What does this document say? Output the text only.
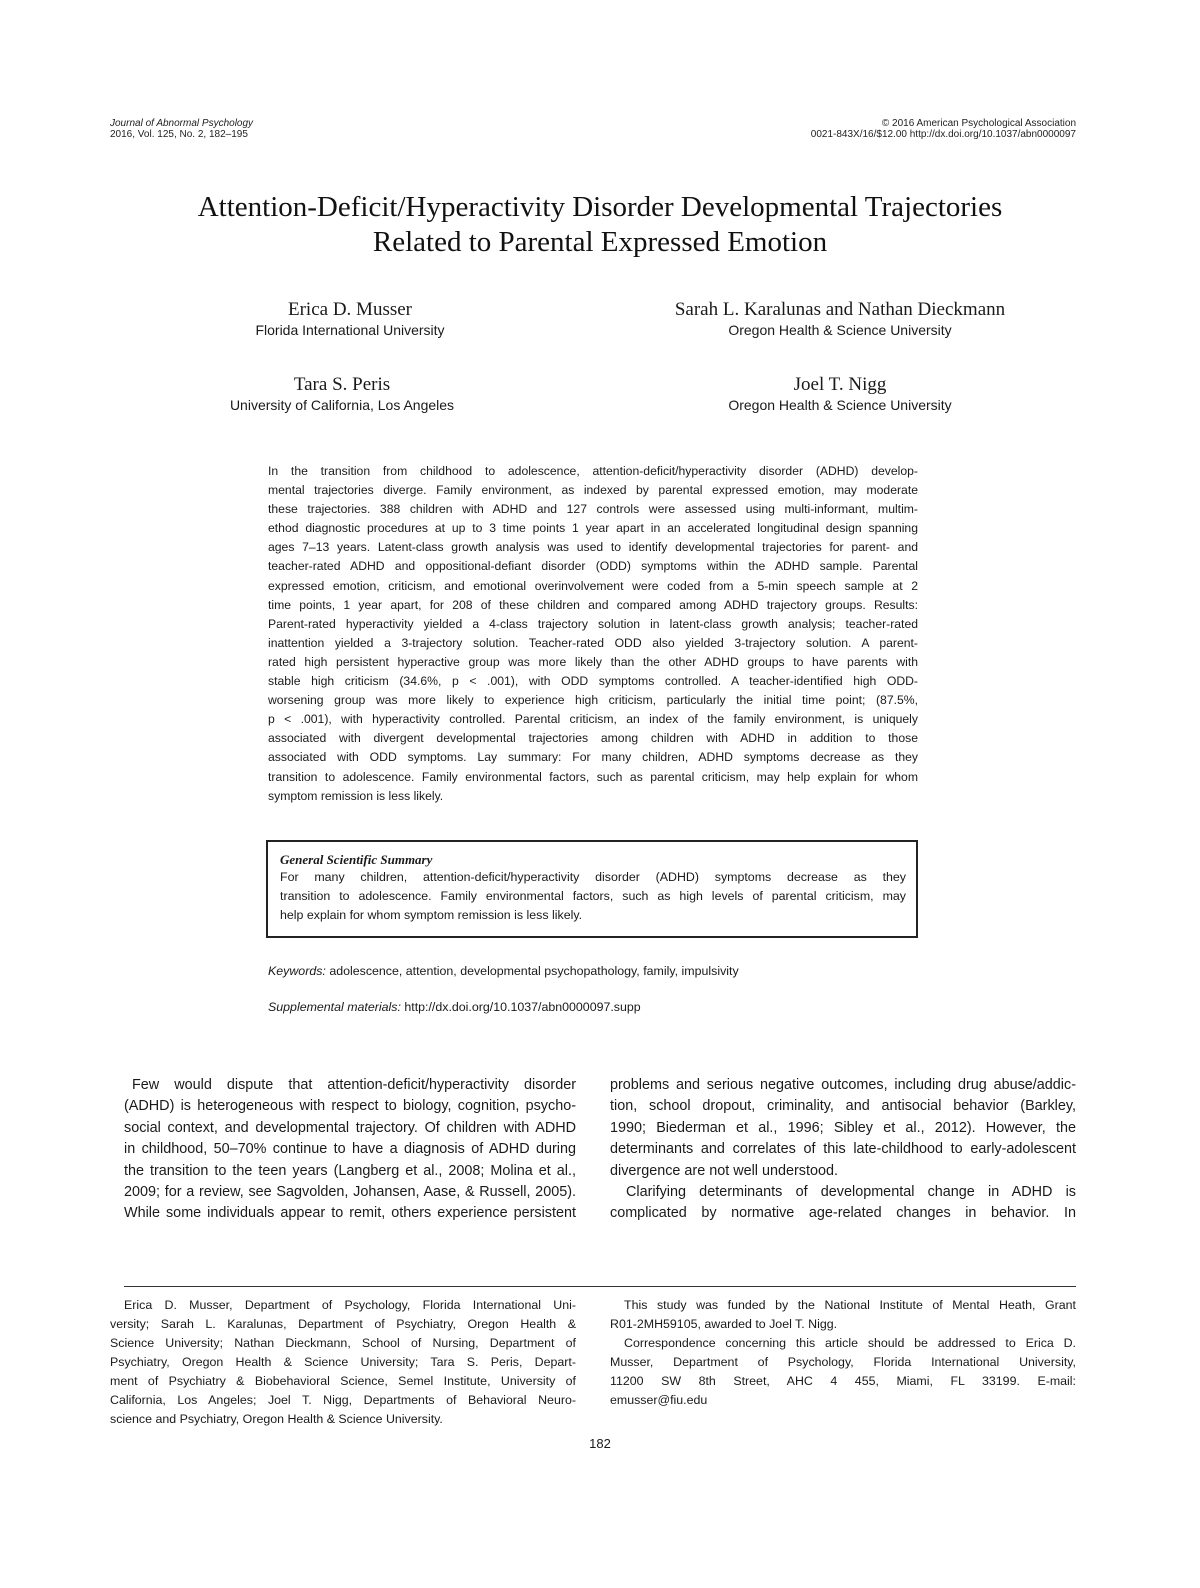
Journal of Abnormal Psychology
2016, Vol. 125, No. 2, 182–195
© 2016 American Psychological Association
0021-843X/16/$12.00 http://dx.doi.org/10.1037/abn0000097
Attention-Deficit/Hyperactivity Disorder Developmental Trajectories
Related to Parental Expressed Emotion
Erica D. Musser
Florida International University
Sarah L. Karalunas and Nathan Dieckmann
Oregon Health & Science University
Tara S. Peris
University of California, Los Angeles
Joel T. Nigg
Oregon Health & Science University
In the transition from childhood to adolescence, attention-deficit/hyperactivity disorder (ADHD) develop-
mental trajectories diverge. Family environment, as indexed by parental expressed emotion, may moderate
these trajectories. 388 children with ADHD and 127 controls were assessed using multi-informant, multim-
ethod diagnostic procedures at up to 3 time points 1 year apart in an accelerated longitudinal design spanning
ages 7–13 years. Latent-class growth analysis was used to identify developmental trajectories for parent- and
teacher-rated ADHD and oppositional-defiant disorder (ODD) symptoms within the ADHD sample. Parental
expressed emotion, criticism, and emotional overinvolvement were coded from a 5-min speech sample at 2
time points, 1 year apart, for 208 of these children and compared among ADHD trajectory groups. Results:
Parent-rated hyperactivity yielded a 4-class trajectory solution in latent-class growth analysis; teacher-rated
inattention yielded a 3-trajectory solution. Teacher-rated ODD also yielded 3-trajectory solution. A parent-
rated high persistent hyperactive group was more likely than the other ADHD groups to have parents with
stable high criticism (34.6%, p < .001), with ODD symptoms controlled. A teacher-identified high ODD-
worsening group was more likely to experience high criticism, particularly the initial time point; (87.5%,
p < .001), with hyperactivity controlled. Parental criticism, an index of the family environment, is uniquely
associated with divergent developmental trajectories among children with ADHD in addition to those
associated with ODD symptoms. Lay summary: For many children, ADHD symptoms decrease as they
transition to adolescence. Family environmental factors, such as parental criticism, may help explain for whom
symptom remission is less likely.
General Scientific Summary
For many children, attention-deficit/hyperactivity disorder (ADHD) symptoms decrease as they
transition to adolescence. Family environmental factors, such as high levels of parental criticism, may
help explain for whom symptom remission is less likely.
Keywords: adolescence, attention, developmental psychopathology, family, impulsivity
Supplemental materials: http://dx.doi.org/10.1037/abn0000097.supp
Few would dispute that attention-deficit/hyperactivity disorder
(ADHD) is heterogeneous with respect to biology, cognition, psycho-
social context, and developmental trajectory. Of children with ADHD
in childhood, 50–70% continue to have a diagnosis of ADHD during
the transition to the teen years (Langberg et al., 2008; Molina et al.,
2009; for a review, see Sagvolden, Johansen, Aase, & Russell, 2005).
While some individuals appear to remit, others experience persistent
problems and serious negative outcomes, including drug abuse/addic-
tion, school dropout, criminality, and antisocial behavior (Barkley,
1990; Biederman et al., 1996; Sibley et al., 2012). However, the
determinants and correlates of this late-childhood to early-adolescent
divergence are not well understood.
Clarifying determinants of developmental change in ADHD is
complicated by normative age-related changes in behavior. In
Erica D. Musser, Department of Psychology, Florida International Uni-
versity; Sarah L. Karalunas, Department of Psychiatry, Oregon Health &
Science University; Nathan Dieckmann, School of Nursing, Department of
Psychiatry, Oregon Health & Science University; Tara S. Peris, Depart-
ment of Psychiatry & Biobehavioral Science, Semel Institute, University of
California, Los Angeles; Joel T. Nigg, Departments of Behavioral Neuro-
science and Psychiatry, Oregon Health & Science University.
This study was funded by the National Institute of Mental Heath, Grant
R01-2MH59105, awarded to Joel T. Nigg.
Correspondence concerning this article should be addressed to Erica D.
Musser, Department of Psychology, Florida International University,
11200 SW 8th Street, AHC 4 455, Miami, FL 33199. E-mail:
emusser@fiu.edu
182
